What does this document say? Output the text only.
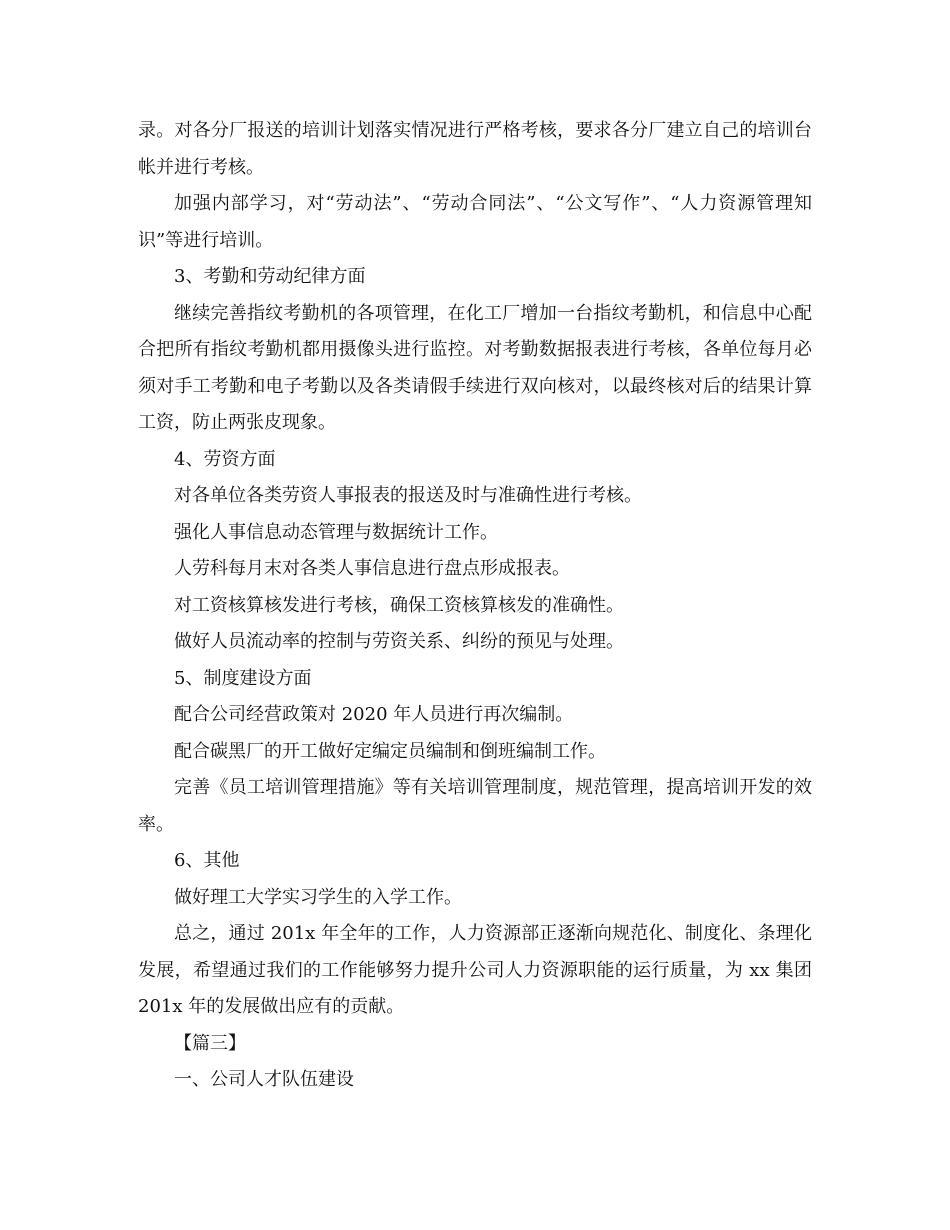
录。对各分厂报送的培训计划落实情况进行严格考核，要求各分厂建立自己的培训台帐并进行考核。

加强内部学习，对“劳动法”、“劳动合同法”、“公文写作”、“人力资源管理知识”等进行培训。

3、考勤和劳动纪律方面

继续完善指纹考勤机的各项管理，在化工厂增加一台指纹考勤机，和信息中心配合把所有指纹考勤机都用摄像头进行监控。对考勤数据报表进行考核，各单位每月必须对手工考勤和电子考勤以及各类请假手续进行双向核对，以最终核对后的结果计算工资，防止两张皮现象。

4、劳资方面

对各单位各类劳资人事报表的报送及时与准确性进行考核。

强化人事信息动态管理与数据统计工作。

人劳科每月末对各类人事信息进行盘点形成报表。

对工资核算核发进行考核，确保工资核算核发的准确性。

做好人员流动率的控制与劳资关系、纠纷的预见与处理。

5、制度建设方面

配合公司经营政策对 2020 年人员进行再次编制。

配合碳黑厂的开工做好定编定员编制和倒班编制工作。

完善《员工培训管理措施》等有关培训管理制度，规范管理，提高培训开发的效率。

6、其他

做好理工大学实习学生的入学工作。

总之，通过 201x 年全年的工作，人力资源部正逐渐向规范化、制度化、条理化发展，希望通过我们的工作能够努力提升公司人力资源职能的运行质量，为 xx 集团 201x 年的发展做出应有的贡献。

【篇三】

一、公司人才队伍建设
